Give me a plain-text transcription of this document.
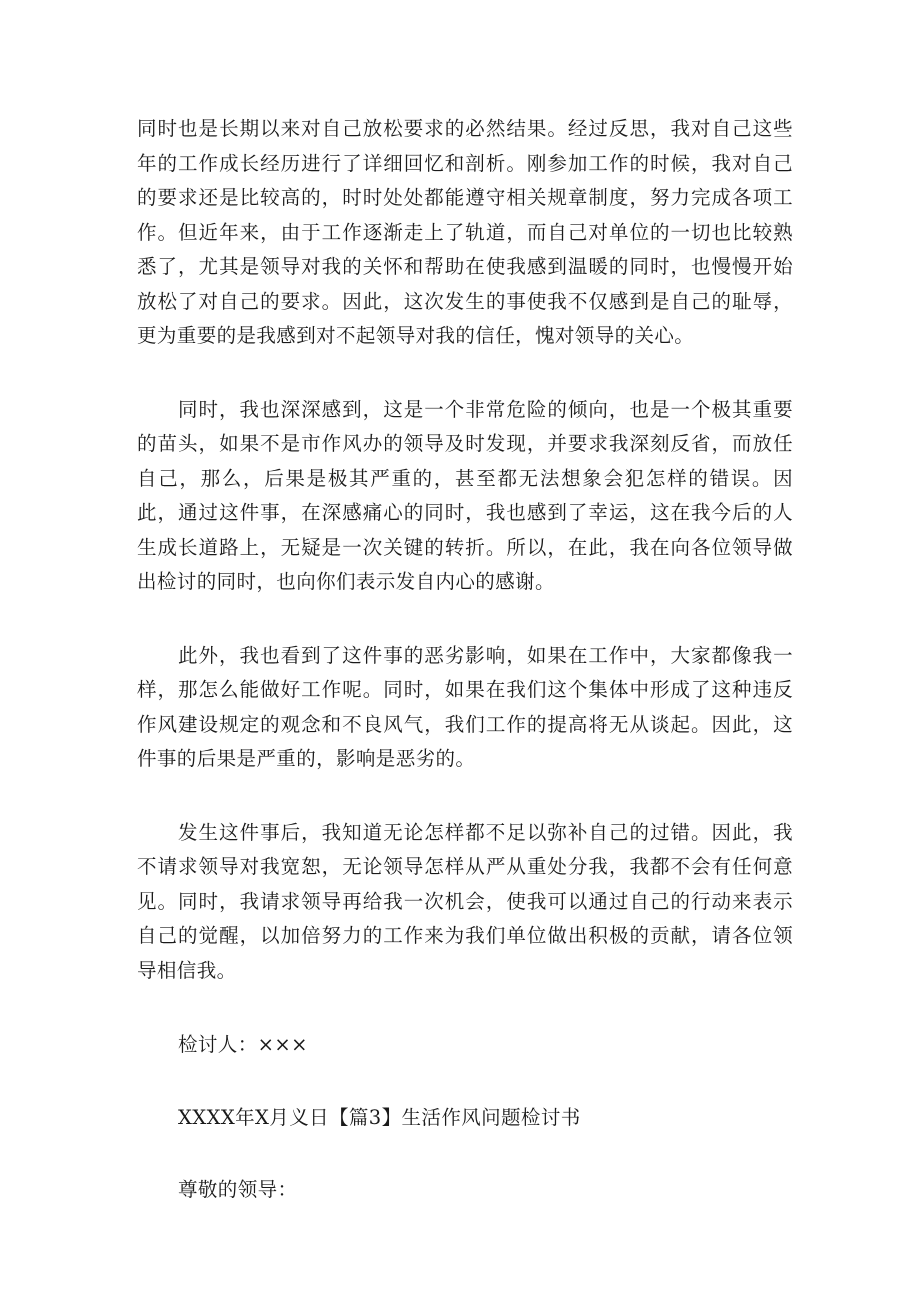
同时也是长期以来对自己放松要求的必然结果。经过反思，我对自己这些年的工作成长经历进行了详细回忆和剖析。刚参加工作的时候，我对自己的要求还是比较高的，时时处处都能遵守相关规章制度，努力完成各项工作。但近年来，由于工作逐渐走上了轨道，而自己对单位的一切也比较熟悉了，尤其是领导对我的关怀和帮助在使我感到温暖的同时，也慢慢开始放松了对自己的要求。因此，这次发生的事使我不仅感到是自己的耻辱，更为重要的是我感到对不起领导对我的信任，愧对领导的关心。

同时，我也深深感到，这是一个非常危险的倾向，也是一个极其重要的苗头，如果不是市作风办的领导及时发现，并要求我深刻反省，而放任自己，那么，后果是极其严重的，甚至都无法想象会犯怎样的错误。因此，通过这件事，在深感痛心的同时，我也感到了幸运，这在我今后的人生成长道路上，无疑是一次关键的转折。所以，在此，我在向各位领导做出检讨的同时，也向你们表示发自内心的感谢。

此外，我也看到了这件事的恶劣影响，如果在工作中，大家都像我一样，那怎么能做好工作呢。同时，如果在我们这个集体中形成了这种违反作风建设规定的观念和不良风气，我们工作的提高将无从谈起。因此，这件事的后果是严重的，影响是恶劣的。

发生这件事后，我知道无论怎样都不足以弥补自己的过错。因此，我不请求领导对我宽恕，无论领导怎样从严从重处分我，我都不会有任何意见。同时，我请求领导再给我一次机会，使我可以通过自己的行动来表示自己的觉醒，以加倍努力的工作来为我们单位做出积极的贡献，请各位领导相信我。

检讨人：×××
XXXX年X月义日【篇3】生活作风问题检讨书
尊敬的领导：
